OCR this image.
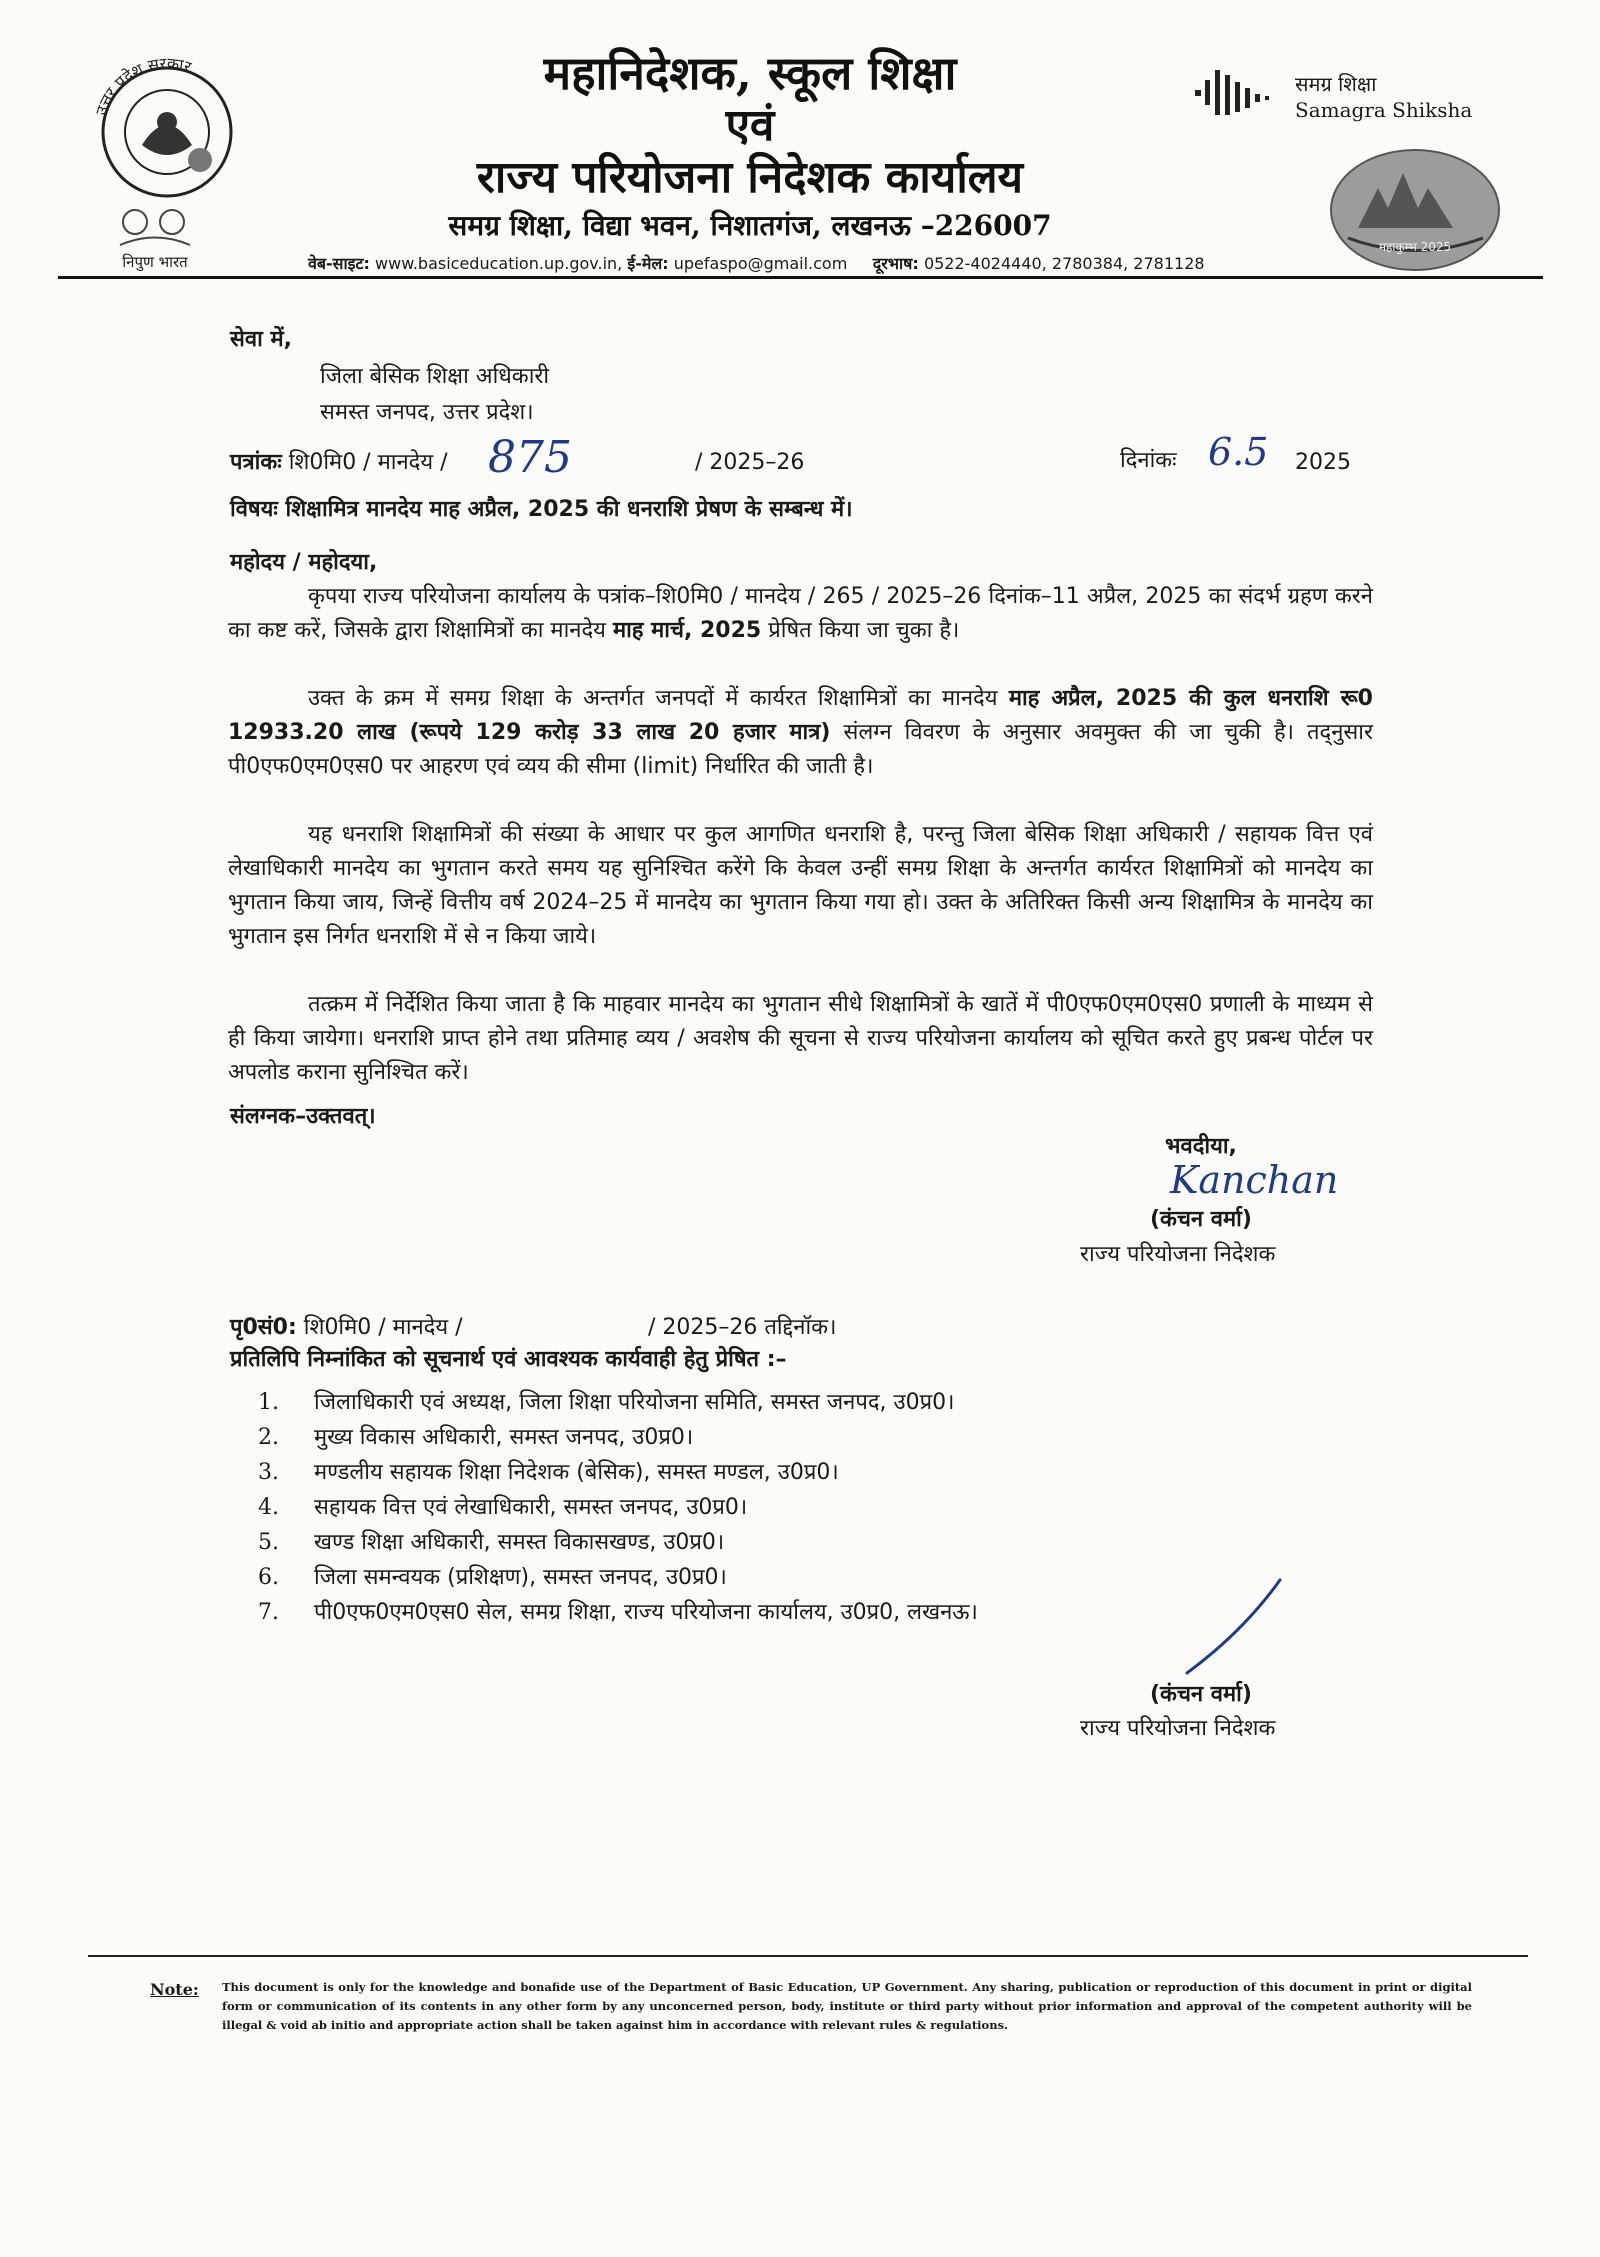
उत्तर प्रदेश सरकार
निपुण भारत
महानिदेशक, स्कूल शिक्षा
एवं
राज्य परियोजना निदेशक कार्यालय
समग्र शिक्षा, विद्या भवन, निशातगंज, लखनऊ –226007
वेब-साइट: www.basiceducation.up.gov.in, ई-मेल: upefaspo@gmail.com दूरभाष: 0522-4024440, 2780384, 2781128
समग्र शिक्षा
Samagra Shiksha
महाकुम्भ 2025
सेवा में,
जिला बेसिक शिक्षा अधिकारी
समस्त जनपद, उत्तर प्रदेश।
पत्रांकः शि0मि0 / मानदेय / 875	/ 2025–26	दिनांकः 6.5 2025
विषयः शिक्षामित्र मानदेय माह अप्रैल, 2025 की धनराशि प्रेषण के सम्बन्ध में।
महोदय / महोदया,
कृपया राज्य परियोजना कार्यालय के पत्रांक–शि0मि0 / मानदेय / 265 / 2025–26 दिनांक–11 अप्रैल, 2025 का संदर्भ ग्रहण करने का कष्ट करें, जिसके द्वारा शिक्षामित्रों का मानदेय माह मार्च, 2025 प्रेषित किया जा चुका है।
उक्त के क्रम में समग्र शिक्षा के अन्तर्गत जनपदों में कार्यरत शिक्षामित्रों का मानदेय माह अप्रैल, 2025 की कुल धनराशि रू0 12933.20 लाख (रूपये 129 करोड़ 33 लाख 20 हजार मात्र) संलग्न विवरण के अनुसार अवमुक्त की जा चुकी है। तद्नुसार पी0एफ0एम0एस0 पर आहरण एवं व्यय की सीमा (limit) निर्धारित की जाती है।
यह धनराशि शिक्षामित्रों की संख्या के आधार पर कुल आगणित धनराशि है, परन्तु जिला बेसिक शिक्षा अधिकारी / सहायक वित्त एवं लेखाधिकारी मानदेय का भुगतान करते समय यह सुनिश्चित करेंगे कि केवल उन्हीं समग्र शिक्षा के अन्तर्गत कार्यरत शिक्षामित्रों को मानदेय का भुगतान किया जाय, जिन्हें वित्तीय वर्ष 2024–25 में मानदेय का भुगतान किया गया हो। उक्त के अतिरिक्त किसी अन्य शिक्षामित्र के मानदेय का भुगतान इस निर्गत धनराशि में से न किया जाये।
तत्क्रम में निर्देशित किया जाता है कि माहवार मानदेय का भुगतान सीधे शिक्षामित्रों के खातें में पी0एफ0एम0एस0 प्रणाली के माध्यम से ही किया जायेगा। धनराशि प्राप्त होने तथा प्रतिमाह व्यय / अवशेष की सूचना से राज्य परियोजना कार्यालय को सूचित करते हुए प्रबन्ध पोर्टल पर अपलोड कराना सुनिश्चित करें।
संलग्नक–उक्तवत्।
भवदीया,
Kanchan
(कंचन वर्मा)
राज्य परियोजना निदेशक
पृ0सं0: शि0मि0 / मानदेय /	/ 2025–26 तद्दिनॉक।
प्रतिलिपि निम्नांकित को सूचनार्थ एवं आवश्यक कार्यवाही हेतु प्रेषित :–
1. जिलाधिकारी एवं अध्यक्ष, जिला शिक्षा परियोजना समिति, समस्त जनपद, उ0प्र0।
2. मुख्य विकास अधिकारी, समस्त जनपद, उ0प्र0।
3. मण्डलीय सहायक शिक्षा निदेशक (बेसिक), समस्त मण्डल, उ0प्र0।
4. सहायक वित्त एवं लेखाधिकारी, समस्त जनपद, उ0प्र0।
5. खण्ड शिक्षा अधिकारी, समस्त विकासखण्ड, उ0प्र0।
6. जिला समन्वयक (प्रशिक्षण), समस्त जनपद, उ0प्र0।
7. पी0एफ0एम0एस0 सेल, समग्र शिक्षा, राज्य परियोजना कार्यालय, उ0प्र0, लखनऊ।
(कंचन वर्मा)
राज्य परियोजना निदेशक
Note: This document is only for the knowledge and bonafide use of the Department of Basic Education, UP Government. Any sharing, publication or reproduction of this document in print or digital form or communication of its contents in any other form by any unconcerned person, body, institute or third party without prior information and approval of the competent authority will be illegal & void ab initio and appropriate action shall be taken against him in accordance with relevant rules & regulations.
